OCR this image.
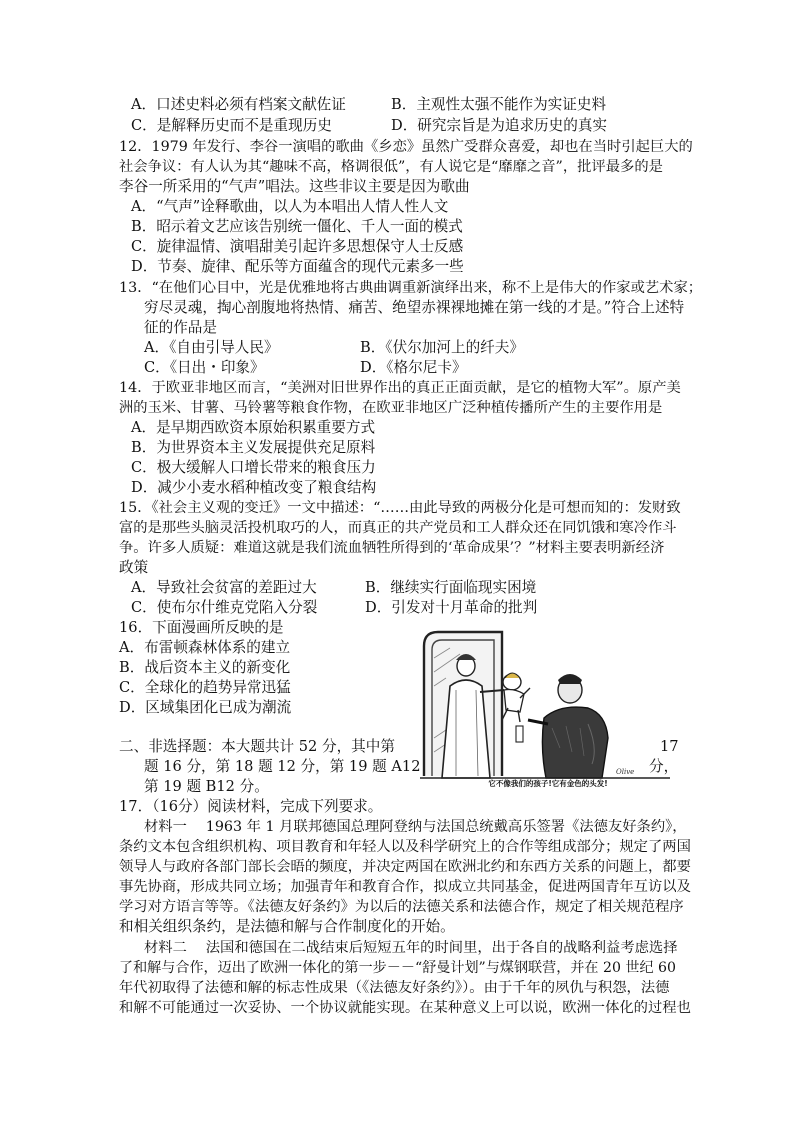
A．口述史料必须有档案文献佐证	B．主观性太强不能作为实证史料
C．是解释历史而不是重现历史	D．研究宗旨是为追求历史的真实
12．1979 年发行、李谷一演唱的歌曲《乡恋》虽然广受群众喜爱，却也在当时引起巨大的
社会争议：有人认为其“趣味不高，格调很低”，有人说它是“靡靡之音”，批评最多的是
李谷一所采用的“气声”唱法。这些非议主要是因为歌曲
A．“气声”诠释歌曲，以人为本唱出人情人性人文
B．昭示着文艺应该告别统一僵化、千人一面的模式
C．旋律温情、演唱甜美引起许多思想保守人士反感
D．节奏、旋律、配乐等方面蕴含的现代元素多一些
13．“在他们心目中，光是优雅地将古典曲调重新演绎出来，称不上是伟大的作家或艺术家；
穷尽灵魂，掏心剖腹地将热情、痛苦、绝望赤裸裸地摊在第一线的才是。”符合上述特
征的作品是
A．《自由引导人民》	B．《伏尔加河上的纤夫》
C．《日出・印象》	D．《格尔尼卡》
14．于欧亚非地区而言，“美洲对旧世界作出的真正正面贡献，是它的植物大军”。原产美
洲的玉米、甘薯、马铃薯等粮食作物，在欧亚非地区广泛种植传播所产生的主要作用是
A．是早期西欧资本原始积累重要方式
B．为世界资本主义发展提供充足原料
C．极大缓解人口增长带来的粮食压力
D．减少小麦水稻种植改变了粮食结构
15．《社会主义观的变迁》一文中描述：“……由此导致的两极分化是可想而知的：发财致
富的是那些头脑灵活投机取巧的人，而真正的共产党员和工人群众还在同饥饿和寒冷作斗
争。许多人质疑：难道这就是我们流血牺牲所得到的‘革命成果’？”材料主要表明新经济
政策
A．导致社会贫富的差距过大	B．继续实行面临现实困境
C．使布尔什维克党陷入分裂	D．引发对十月革命的批判
16．下面漫画所反映的是
A．布雷顿森林体系的建立
B．战后资本主义的新变化
C．全球化的趋势异常迅猛
D．区域集团化已成为潮流
Olive
它不像我们的孩子!它有金色的头发!
二、非选择题：本大题共计 52 分，其中第	17
题 16 分，第 18 题 12 分，第 19 题 A12	分，
第 19 题 B12 分。
17．（16分）阅读材料，完成下列要求。
材料一　 1963 年 1 月联邦德国总理阿登纳与法国总统戴高乐签署《法德友好条约》，
条约文本包含组织机构、项目教育和年轻人以及科学研究上的合作等组成部分；规定了两国
领导人与政府各部门部长会晤的频度，并决定两国在欧洲北约和东西方关系的问题上，都要
事先协商，形成共同立场；加强青年和教育合作，拟成立共同基金，促进两国青年互访以及
学习对方语言等等。《法德友好条约》为以后的法德关系和法德合作，规定了相关规范程序
和相关组织条约，是法德和解与合作制度化的开始。
材料二　 法国和德国在二战结束后短短五年的时间里，出于各自的战略利益考虑选择
了和解与合作，迈出了欧洲一体化的第一步－－“舒曼计划”与煤钢联营，并在 20 世纪 60
年代初取得了法德和解的标志性成果（《法德友好条约》）。由于千年的夙仇与积怨，法德
和解不可能通过一次妥协、一个协议就能实现。在某种意义上可以说，欧洲一体化的过程也
